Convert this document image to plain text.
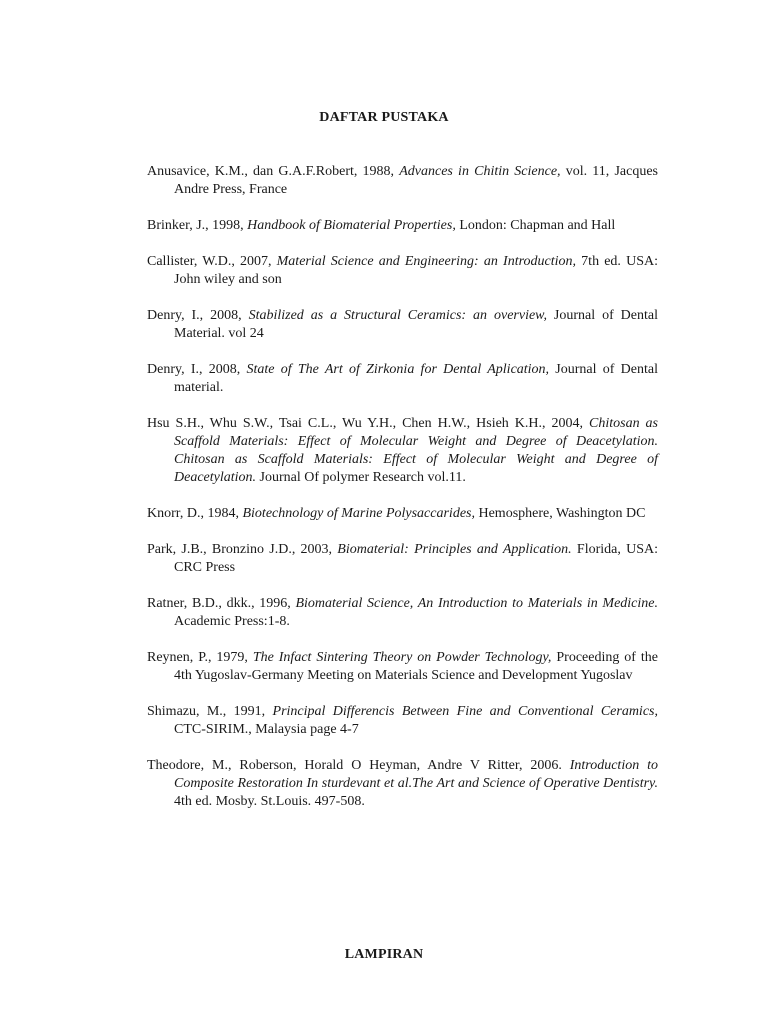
DAFTAR PUSTAKA
Anusavice, K.M., dan G.A.F.Robert, 1988, Advances in Chitin Science, vol. 11, Jacques Andre Press, France
Brinker, J., 1998, Handbook of Biomaterial Properties, London: Chapman and Hall
Callister, W.D., 2007, Material Science and Engineering: an Introduction, 7th ed. USA: John wiley and son
Denry, I., 2008, Stabilized as a Structural Ceramics: an overview, Journal of Dental Material. vol 24
Denry, I., 2008, State of The Art of Zirkonia for Dental Aplication, Journal of Dental material.
Hsu S.H., Whu S.W., Tsai C.L., Wu Y.H., Chen H.W., Hsieh K.H., 2004, Chitosan as Scaffold Materials: Effect of Molecular Weight and Degree of Deacetylation. Chitosan as Scaffold Materials: Effect of Molecular Weight and Degree of Deacetylation. Journal Of polymer Research vol.11.
Knorr, D., 1984, Biotechnology of Marine Polysaccarides, Hemosphere, Washington DC
Park, J.B., Bronzino J.D., 2003, Biomaterial: Principles and Application. Florida, USA: CRC Press
Ratner, B.D., dkk., 1996, Biomaterial Science, An Introduction to Materials in Medicine. Academic Press:1-8.
Reynen, P., 1979, The Infact Sintering Theory on Powder Technology, Proceeding of the 4th Yugoslav-Germany Meeting on Materials Science and Development Yugoslav
Shimazu, M., 1991, Principal Differencis Between Fine and Conventional Ceramics, CTC-SIRIM., Malaysia page 4-7
Theodore, M., Roberson, Horald O Heyman, Andre V Ritter, 2006. Introduction to Composite Restoration In sturdevant et al.The Art and Science of Operative Dentistry. 4th ed. Mosby. St.Louis. 497-508.
LAMPIRAN
